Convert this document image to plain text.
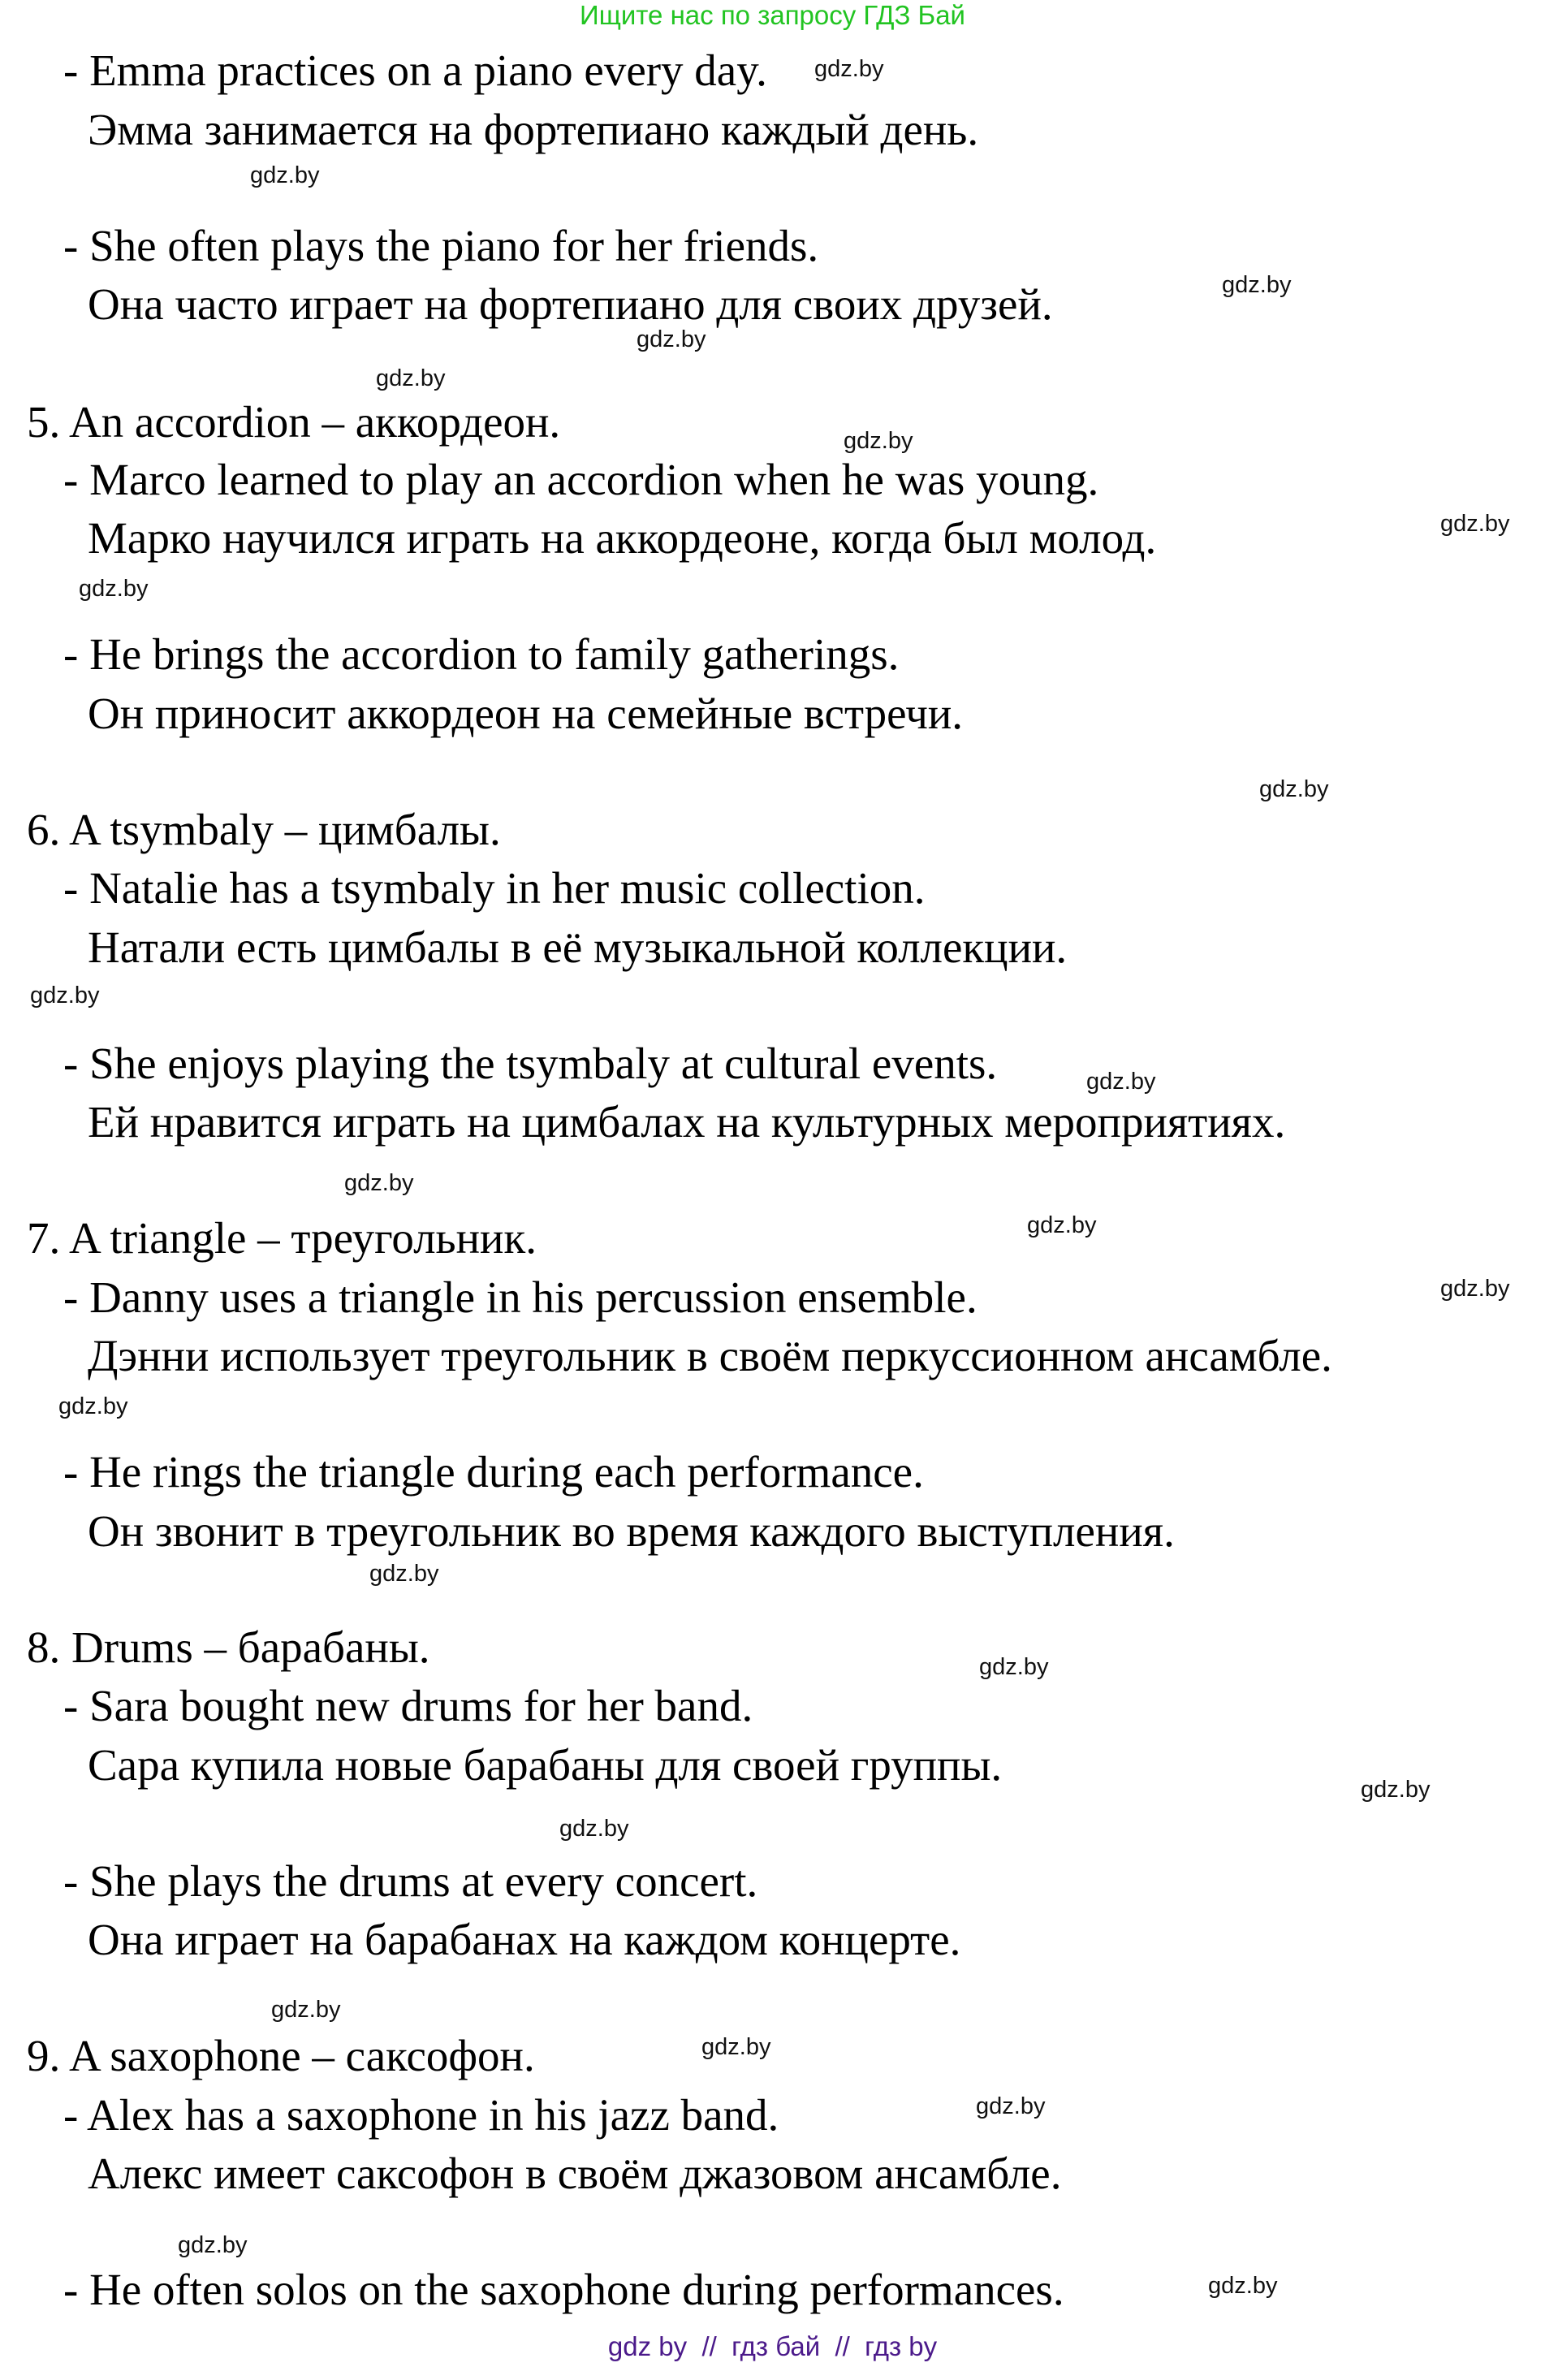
Ищите нас по запросу ГДЗ Бай
- Emma practices on a piano every day.
Эмма занимается на фортепиано каждый день.
- She often plays the piano for her friends.
Она часто играет на фортепиано для своих друзей.
5. An accordion – аккордеон.
- Marco learned to play an accordion when he was young.
Марко научился играть на аккордеоне, когда был молод.
- He brings the accordion to family gatherings.
Он приносит аккордеон на семейные встречи.
6. A tsymbaly – цимбалы.
- Natalie has a tsymbaly in her music collection.
Натали есть цимбалы в её музыкальной коллекции.
- She enjoys playing the tsymbaly at cultural events.
Ей нравится играть на цимбалах на культурных мероприятиях.
7. A triangle – треугольник.
- Danny uses a triangle in his percussion ensemble.
Дэнни использует треугольник в своём перкуссионном ансамбле.
- He rings the triangle during each performance.
Он звонит в треугольник во время каждого выступления.
8. Drums – барабаны.
- Sara bought new drums for her band.
Сара купила новые барабаны для своей группы.
- She plays the drums at every concert.
Она играет на барабанах на каждом концерте.
9. A saxophone – саксофон.
- Alex has a saxophone in his jazz band.
Алекс имеет саксофон в своём джазовом ансамбле.
- He often solos on the saxophone during performances.
gdz.by
gdz.by
gdz.by
gdz.by
gdz.by
gdz.by
gdz.by
gdz.by
gdz.by
gdz.by
gdz.by
gdz.by
gdz.by
gdz.by
gdz.by
gdz.by
gdz.by
gdz.by
gdz.by
gdz.by
gdz.by
gdz.by
gdz.by
gdz.by
gdz by  //  гдз бай  //  гдз by
